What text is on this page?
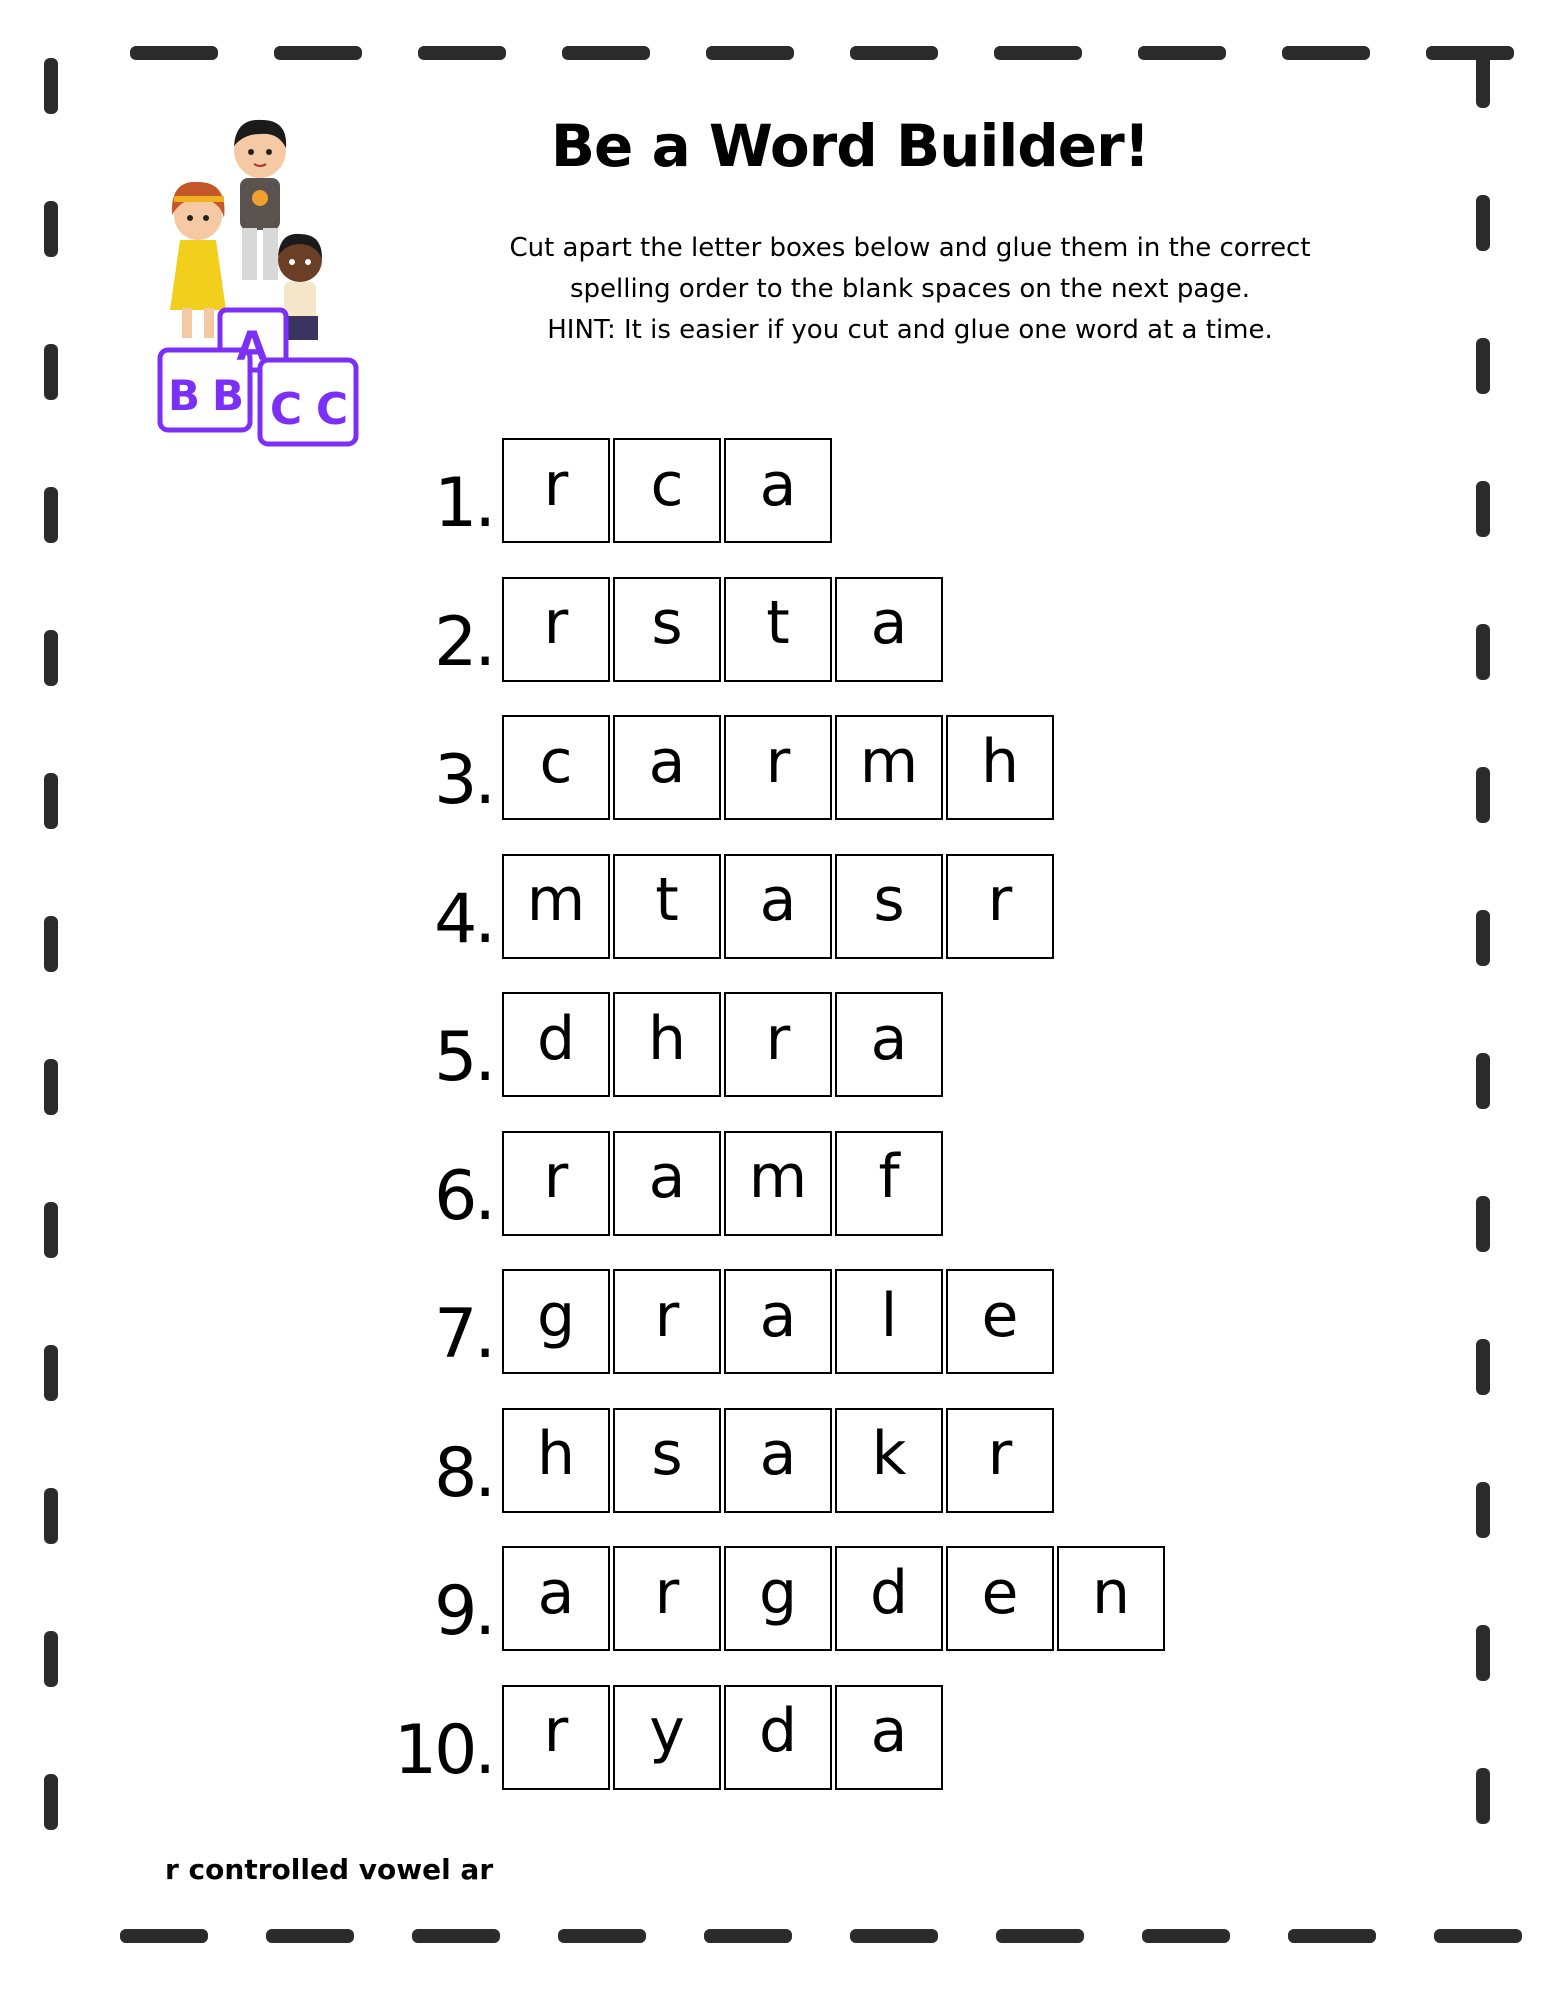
A
B B C C
Be a Word Builder!
Cut apart the letter boxes below and glue them in the correct
spelling order to the blank spaces on the next page.
HINT: It is easier if you cut and glue one word at a time.
1. r	c	a
2. r	s	t	a
3. c	a	r	m	h
4. m	t	a	s	r
5. d	h	r	a
6. r	a	m	f
7. g	r	a	l	e
8. h	s	a	k	r
9. a	r	g	d	e	n
10. r	y	d	a
r controlled vowel ar
